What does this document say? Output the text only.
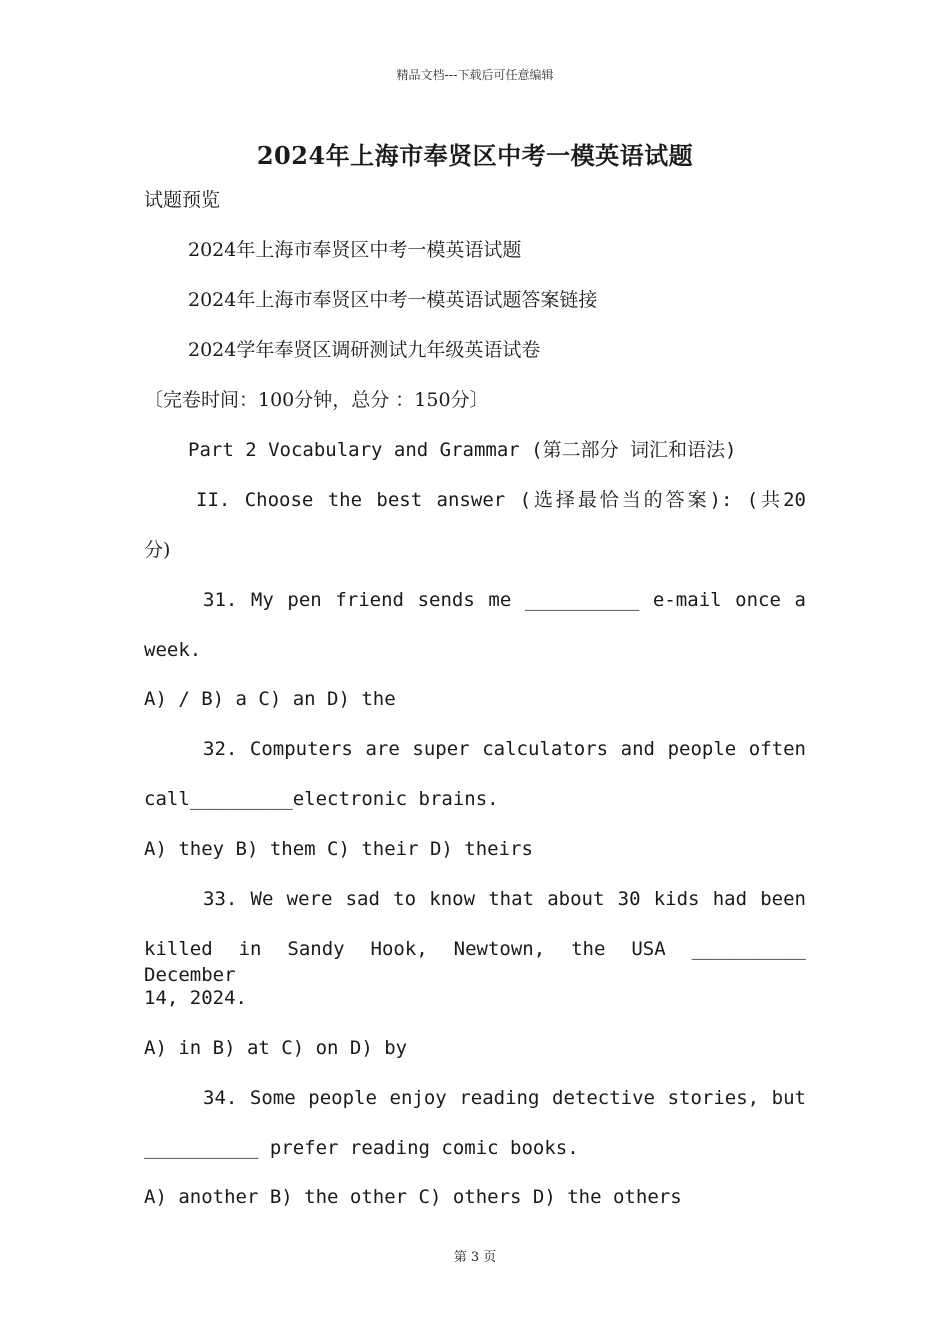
精品文档---下载后可任意编辑
2024年上海市奉贤区中考一模英语试题
试题预览
2024年上海市奉贤区中考一模英语试题
2024年上海市奉贤区中考一模英语试题答案链接
2024学年奉贤区调研测试九年级英语试卷
〔完卷时间：100分钟，总分 ：150分〕
Part 2 Vocabulary and Grammar (第二部分 词汇和语法)
II. Choose the best answer (选择最恰当的答案): (共20
分)
31. My pen friend sends me __________ e-mail once a
week.
A) / B) a C) an D) the
32. Computers are super calculators and people often
call_________electronic brains.
A) they B) them C) their D) theirs
33. We were sad to know that about 30 kids had been
killed in Sandy Hook, Newtown, the USA __________ December
14, 2024.
A) in B) at C) on D) by
34. Some people enjoy reading detective stories, but
__________ prefer reading comic books.
A) another B) the other C) others D) the others
第 3 页
